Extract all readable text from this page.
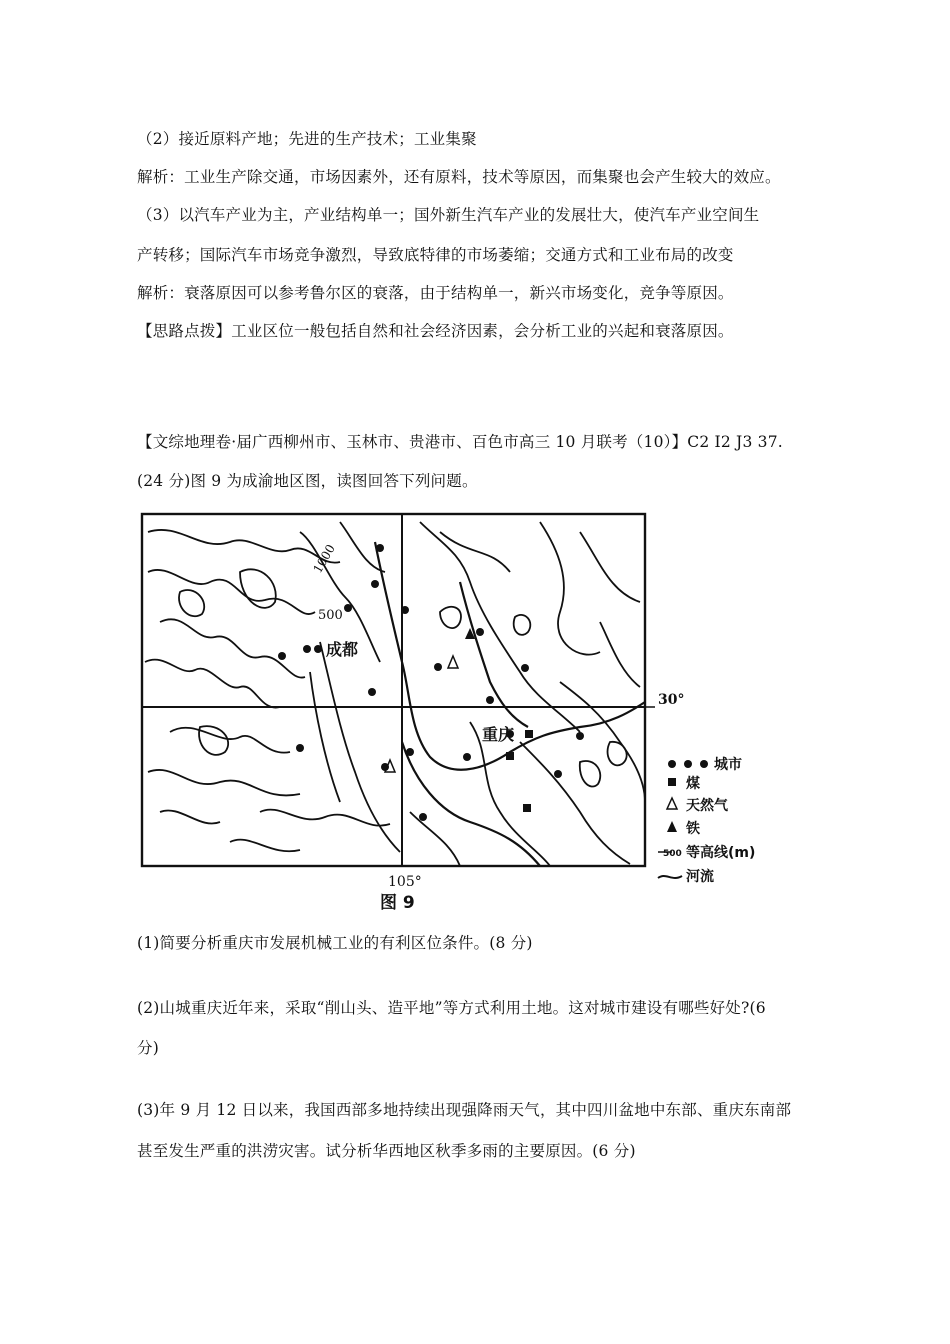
（2）接近原料产地；先进的生产技术；工业集聚
解析：工业生产除交通，市场因素外，还有原料，技术等原因，而集聚也会产生较大的效应。
（3）以汽车产业为主，产业结构单一；国外新生汽车产业的发展壮大，使汽车产业空间生
产转移；国际汽车市场竞争激烈，导致底特律的市场萎缩；交通方式和工业布局的改变
解析：衰落原因可以参考鲁尔区的衰落，由于结构单一，新兴市场变化，竞争等原因。
【思路点拨】工业区位一般包括自然和社会经济因素，会分析工业的兴起和衰落原因。
【文综地理卷·届广西柳州市、玉林市、贵港市、百色市高三 10 月联考（10）】C2 I2 J3 37.
(24 分)图 9 为成渝地区图，读图回答下列问题。
1000
500
成都
重庆
30°
105°
图 9
城市
煤
天然气
铁
500 等高线(m)
河流
(1)简要分析重庆市发展机械工业的有利区位条件。(8 分)
(2)山城重庆近年来，采取“削山头、造平地”等方式利用土地。这对城市建设有哪些好处?(6
分)
(3)年 9 月 12 日以来，我国西部多地持续出现强降雨天气，其中四川盆地中东部、重庆东南部
甚至发生严重的洪涝灾害。试分析华西地区秋季多雨的主要原因。(6 分)
